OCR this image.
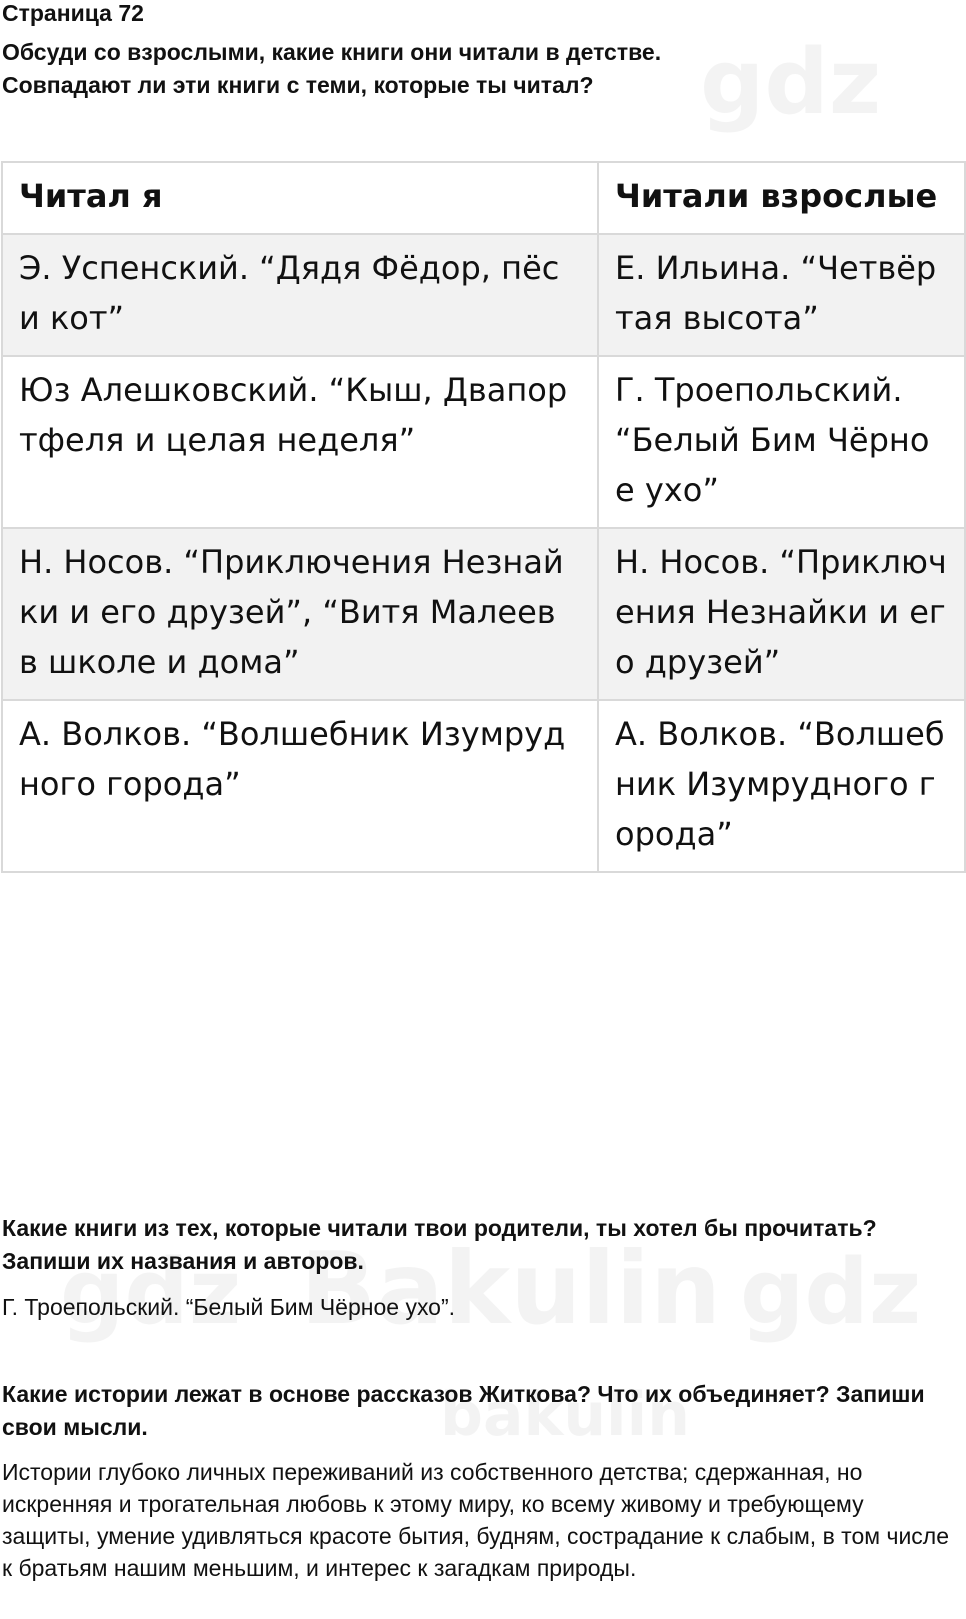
Страница 72
Обсуди со взрослыми, какие книги они читали в детстве.
Совпадают ли эти книги с теми, которые ты читал?
Читал я	Читали взрослые
Э. Успенский. “Дядя Фёдор, пёс и кот”	Е. Ильина. “Четвёртая высота”
Юз Алешковский. “Кыш, Двапортфеля и целая неделя”	Г. Троепольский. “Белый Бим Чёрное ухо”
Н. Носов. “Приключения Незнайки и его друзей”, “Витя Малеев в школе и дома”	Н. Носов. “Приключения Незнайки и его друзей”
А. Волков. “Волшебник Изумрудного города”	А. Волков. “Волшебник Изумрудного города”
Какие книги из тех, которые читали твои родители, ты хотел бы прочитать? Запиши их названия и авторов.
Г. Троепольский. “Белый Бим Чёрное ухо”.
Какие истории лежат в основе рассказов Житкова? Что их объединяет? Запиши свои мысли.
Истории глубоко личных переживаний из собственного детства; сдержанная, но искренняя и трогательная любовь к этому миру, ко всему живому и требующему защиты, умение удивляться красоте бытия, будням, сострадание к слабым, в том числе к братьям нашим меньшим, и интерес к загадкам природы.
